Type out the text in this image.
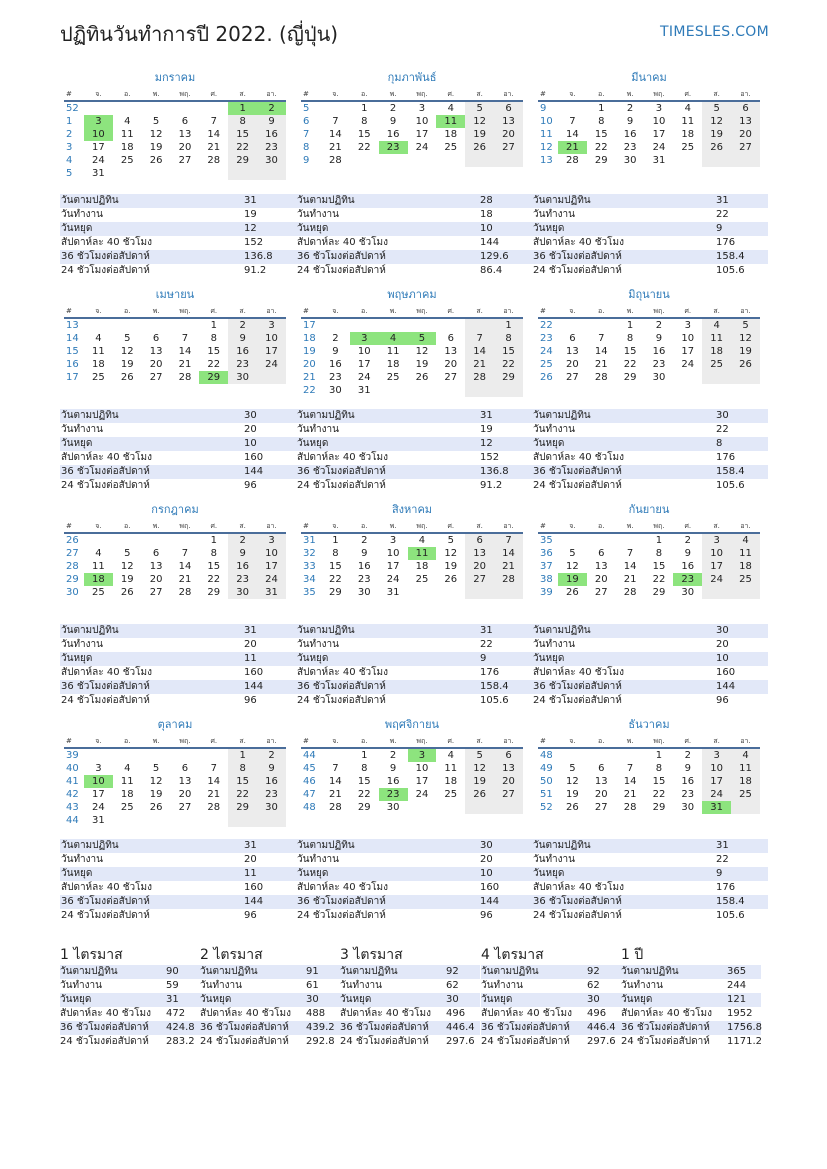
ปฏิทินวันทำการปี 2022. (ญี่ปุ่น)	TIMESLES.COM
มกราคม
#	จ.	อ.	พ.	พฤ.	ศ.	ส.	อา.
52						1	2
1	3	4	5	6	7	8	9
2	10	11	12	13	14	15	16
3	17	18	19	20	21	22	23
4	24	25	26	27	28	29	30
5	31						
วันตามปฏิทิน	31
วันทำงาน	19
วันหยุด	12
สัปดาห์ละ 40 ชั่วโมง	152
36 ชั่วโมงต่อสัปดาห์	136.8
24 ชั่วโมงต่อสัปดาห์	91.2
กุมภาพันธ์
#	จ.	อ.	พ.	พฤ.	ศ.	ส.	อา.
5		1	2	3	4	5	6
6	7	8	9	10	11	12	13
7	14	15	16	17	18	19	20
8	21	22	23	24	25	26	27
9	28						
วันตามปฏิทิน	28
วันทำงาน	18
วันหยุด	10
สัปดาห์ละ 40 ชั่วโมง	144
36 ชั่วโมงต่อสัปดาห์	129.6
24 ชั่วโมงต่อสัปดาห์	86.4
มีนาคม
#	จ.	อ.	พ.	พฤ.	ศ.	ส.	อา.
9		1	2	3	4	5	6
10	7	8	9	10	11	12	13
11	14	15	16	17	18	19	20
12	21	22	23	24	25	26	27
13	28	29	30	31			
วันตามปฏิทิน	31
วันทำงาน	22
วันหยุด	9
สัปดาห์ละ 40 ชั่วโมง	176
36 ชั่วโมงต่อสัปดาห์	158.4
24 ชั่วโมงต่อสัปดาห์	105.6
เมษายน
#	จ.	อ.	พ.	พฤ.	ศ.	ส.	อา.
13					1	2	3
14	4	5	6	7	8	9	10
15	11	12	13	14	15	16	17
16	18	19	20	21	22	23	24
17	25	26	27	28	29	30	
วันตามปฏิทิน	30
วันทำงาน	20
วันหยุด	10
สัปดาห์ละ 40 ชั่วโมง	160
36 ชั่วโมงต่อสัปดาห์	144
24 ชั่วโมงต่อสัปดาห์	96
พฤษภาคม
#	จ.	อ.	พ.	พฤ.	ศ.	ส.	อา.
17							1
18	2	3	4	5	6	7	8
19	9	10	11	12	13	14	15
20	16	17	18	19	20	21	22
21	23	24	25	26	27	28	29
22	30	31					
วันตามปฏิทิน	31
วันทำงาน	19
วันหยุด	12
สัปดาห์ละ 40 ชั่วโมง	152
36 ชั่วโมงต่อสัปดาห์	136.8
24 ชั่วโมงต่อสัปดาห์	91.2
มิถุนายน
#	จ.	อ.	พ.	พฤ.	ศ.	ส.	อา.
22			1	2	3	4	5
23	6	7	8	9	10	11	12
24	13	14	15	16	17	18	19
25	20	21	22	23	24	25	26
26	27	28	29	30			
วันตามปฏิทิน	30
วันทำงาน	22
วันหยุด	8
สัปดาห์ละ 40 ชั่วโมง	176
36 ชั่วโมงต่อสัปดาห์	158.4
24 ชั่วโมงต่อสัปดาห์	105.6
กรกฎาคม
#	จ.	อ.	พ.	พฤ.	ศ.	ส.	อา.
26					1	2	3
27	4	5	6	7	8	9	10
28	11	12	13	14	15	16	17
29	18	19	20	21	22	23	24
30	25	26	27	28	29	30	31
วันตามปฏิทิน	31
วันทำงาน	20
วันหยุด	11
สัปดาห์ละ 40 ชั่วโมง	160
36 ชั่วโมงต่อสัปดาห์	144
24 ชั่วโมงต่อสัปดาห์	96
สิงหาคม
#	จ.	อ.	พ.	พฤ.	ศ.	ส.	อา.
31	1	2	3	4	5	6	7
32	8	9	10	11	12	13	14
33	15	16	17	18	19	20	21
34	22	23	24	25	26	27	28
35	29	30	31				
วันตามปฏิทิน	31
วันทำงาน	22
วันหยุด	9
สัปดาห์ละ 40 ชั่วโมง	176
36 ชั่วโมงต่อสัปดาห์	158.4
24 ชั่วโมงต่อสัปดาห์	105.6
กันยายน
#	จ.	อ.	พ.	พฤ.	ศ.	ส.	อา.
35				1	2	3	4
36	5	6	7	8	9	10	11
37	12	13	14	15	16	17	18
38	19	20	21	22	23	24	25
39	26	27	28	29	30		
วันตามปฏิทิน	30
วันทำงาน	20
วันหยุด	10
สัปดาห์ละ 40 ชั่วโมง	160
36 ชั่วโมงต่อสัปดาห์	144
24 ชั่วโมงต่อสัปดาห์	96
ตุลาคม
#	จ.	อ.	พ.	พฤ.	ศ.	ส.	อา.
39						1	2
40	3	4	5	6	7	8	9
41	10	11	12	13	14	15	16
42	17	18	19	20	21	22	23
43	24	25	26	27	28	29	30
44	31						
วันตามปฏิทิน	31
วันทำงาน	20
วันหยุด	11
สัปดาห์ละ 40 ชั่วโมง	160
36 ชั่วโมงต่อสัปดาห์	144
24 ชั่วโมงต่อสัปดาห์	96
พฤศจิกายน
#	จ.	อ.	พ.	พฤ.	ศ.	ส.	อา.
44		1	2	3	4	5	6
45	7	8	9	10	11	12	13
46	14	15	16	17	18	19	20
47	21	22	23	24	25	26	27
48	28	29	30				
วันตามปฏิทิน	30
วันทำงาน	20
วันหยุด	10
สัปดาห์ละ 40 ชั่วโมง	160
36 ชั่วโมงต่อสัปดาห์	144
24 ชั่วโมงต่อสัปดาห์	96
ธันวาคม
#	จ.	อ.	พ.	พฤ.	ศ.	ส.	อา.
48				1	2	3	4
49	5	6	7	8	9	10	11
50	12	13	14	15	16	17	18
51	19	20	21	22	23	24	25
52	26	27	28	29	30	31	
วันตามปฏิทิน	31
วันทำงาน	22
วันหยุด	9
สัปดาห์ละ 40 ชั่วโมง	176
36 ชั่วโมงต่อสัปดาห์	158.4
24 ชั่วโมงต่อสัปดาห์	105.6
1 ไตรมาส
วันตามปฏิทิน	90
วันทำงาน	59
วันหยุด	31
สัปดาห์ละ 40 ชั่วโมง	472
36 ชั่วโมงต่อสัปดาห์	424.8
24 ชั่วโมงต่อสัปดาห์	283.2
2 ไตรมาส
วันตามปฏิทิน	91
วันทำงาน	61
วันหยุด	30
สัปดาห์ละ 40 ชั่วโมง	488
36 ชั่วโมงต่อสัปดาห์	439.2
24 ชั่วโมงต่อสัปดาห์	292.8
3 ไตรมาส
วันตามปฏิทิน	92
วันทำงาน	62
วันหยุด	30
สัปดาห์ละ 40 ชั่วโมง	496
36 ชั่วโมงต่อสัปดาห์	446.4
24 ชั่วโมงต่อสัปดาห์	297.6
4 ไตรมาส
วันตามปฏิทิน	92
วันทำงาน	62
วันหยุด	30
สัปดาห์ละ 40 ชั่วโมง	496
36 ชั่วโมงต่อสัปดาห์	446.4
24 ชั่วโมงต่อสัปดาห์	297.6
1 ปี
วันตามปฏิทิน	365
วันทำงาน	244
วันหยุด	121
สัปดาห์ละ 40 ชั่วโมง	1952
36 ชั่วโมงต่อสัปดาห์	1756.8
24 ชั่วโมงต่อสัปดาห์	1171.2
